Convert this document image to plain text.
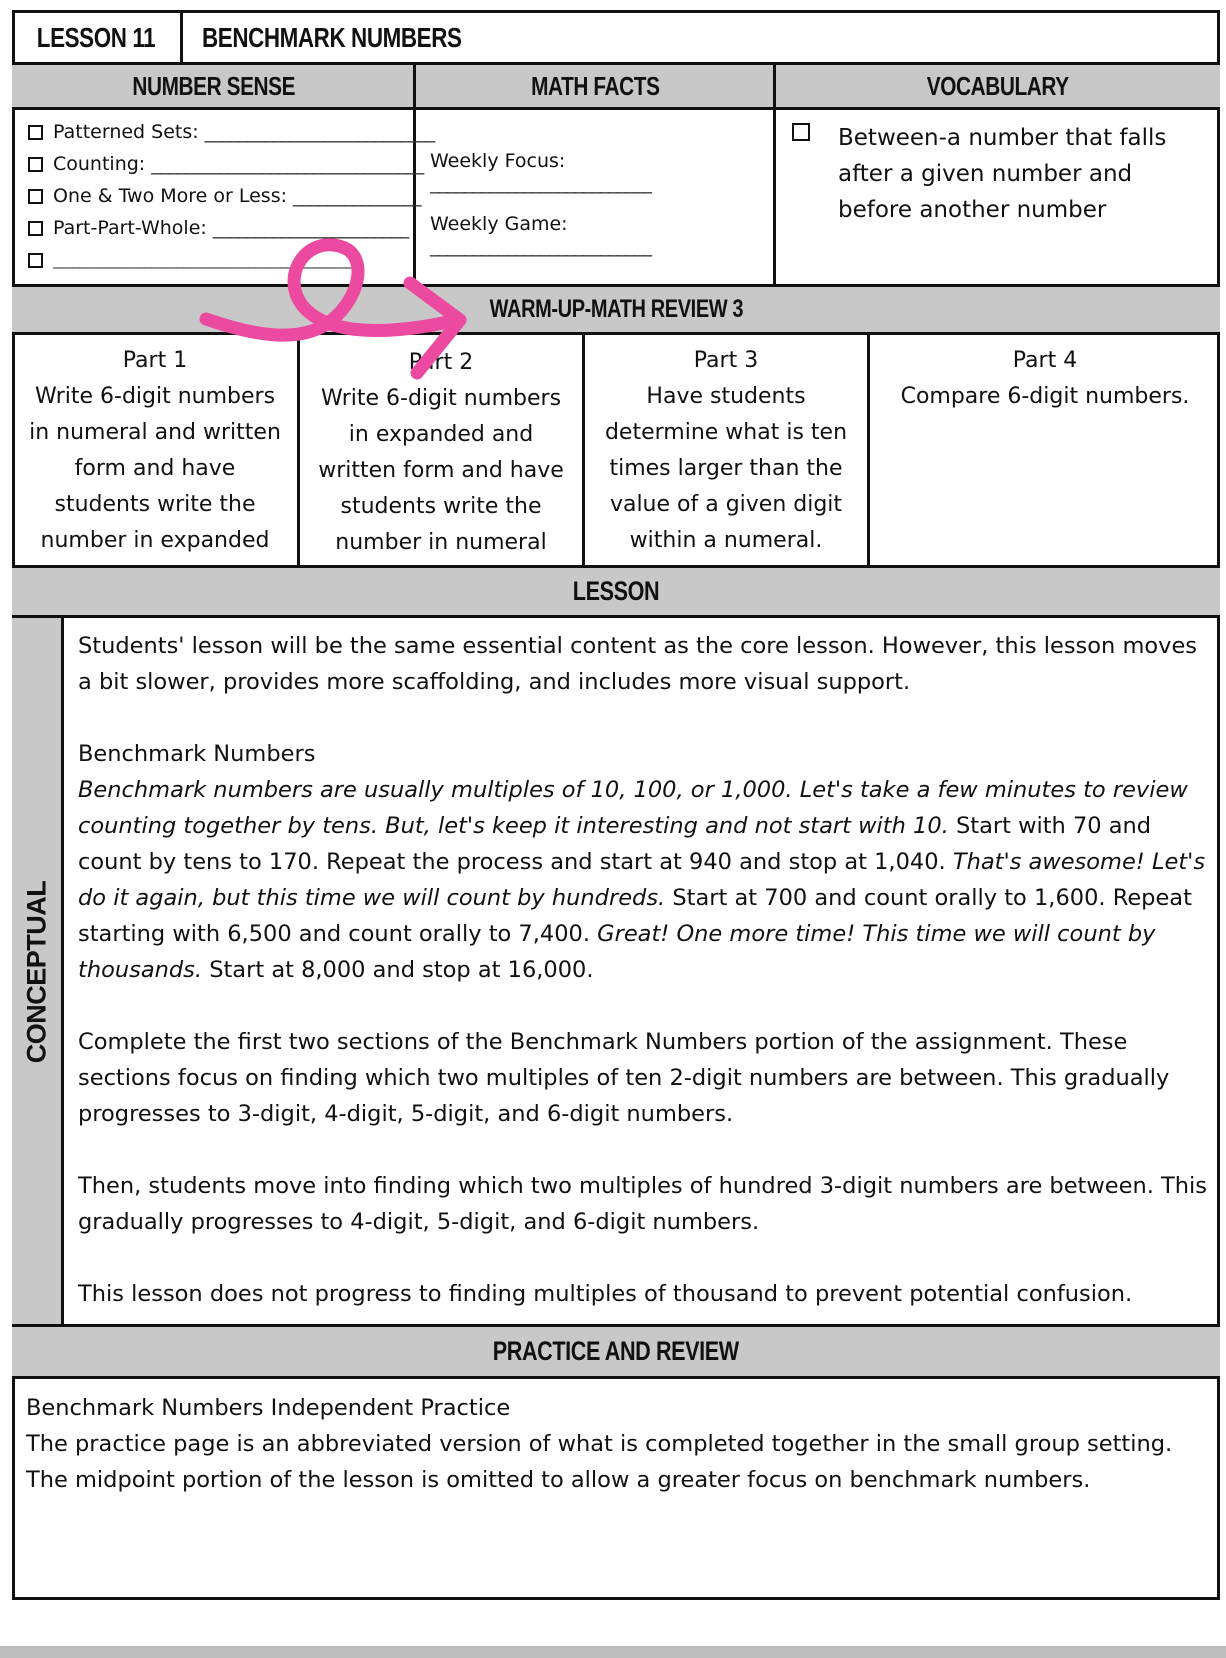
LESSON 11 BENCHMARK NUMBERS
NUMBER SENSE	MATH FACTS	VOCABULARY
Patterned Sets: ___________________________
Counting: ________________________________
One & Two More or Less: _______________
Part-Part-Whole: _______________________
_______________________________________________
Weekly Focus: __________________________
Weekly Game: __________________________
Between-a number that falls after a given number and before another number
WARM-UP-MATH REVIEW 3
Part 1
Write 6-digit numbers in numeral and written form and have students write the number in expanded
Part 2
Write 6-digit numbers in expanded and written form and have students write the number in numeral
Part 3
Have students determine what is ten times larger than the value of a given digit within a numeral.
Part 4
Compare 6-digit numbers.
LESSON
CONCEPTUAL

Students' lesson will be the same essential content as the core lesson. However, this lesson moves a bit slower, provides more scaffolding, and includes more visual support.

Benchmark Numbers

Benchmark numbers are usually multiples of 10, 100, or 1,000. Let's take a few minutes to review counting together by tens. But, let's keep it interesting and not start with 10. Start with 70 and count by tens to 170. Repeat the process and start at 940 and stop at 1,040. That's awesome! Let's do it again, but this time we will count by hundreds. Start at 700 and count orally to 1,600. Repeat starting with 6,500 and count orally to 7,400. Great! One more time! This time we will count by thousands. Start at 8,000 and stop at 16,000.

Complete the first two sections of the Benchmark Numbers portion of the assignment. These sections focus on finding which two multiples of ten 2-digit numbers are between. This gradually progresses to 3-digit, 4-digit, 5-digit, and 6-digit numbers.

Then, students move into finding which two multiples of hundred 3-digit numbers are between. This gradually progresses to 4-digit, 5-digit, and 6-digit numbers.

This lesson does not progress to finding multiples of thousand to prevent potential confusion.

PRACTICE AND REVIEW

Benchmark Numbers Independent Practice

The practice page is an abbreviated version of what is completed together in the small group setting. The midpoint portion of the lesson is omitted to allow a greater focus on benchmark numbers.
